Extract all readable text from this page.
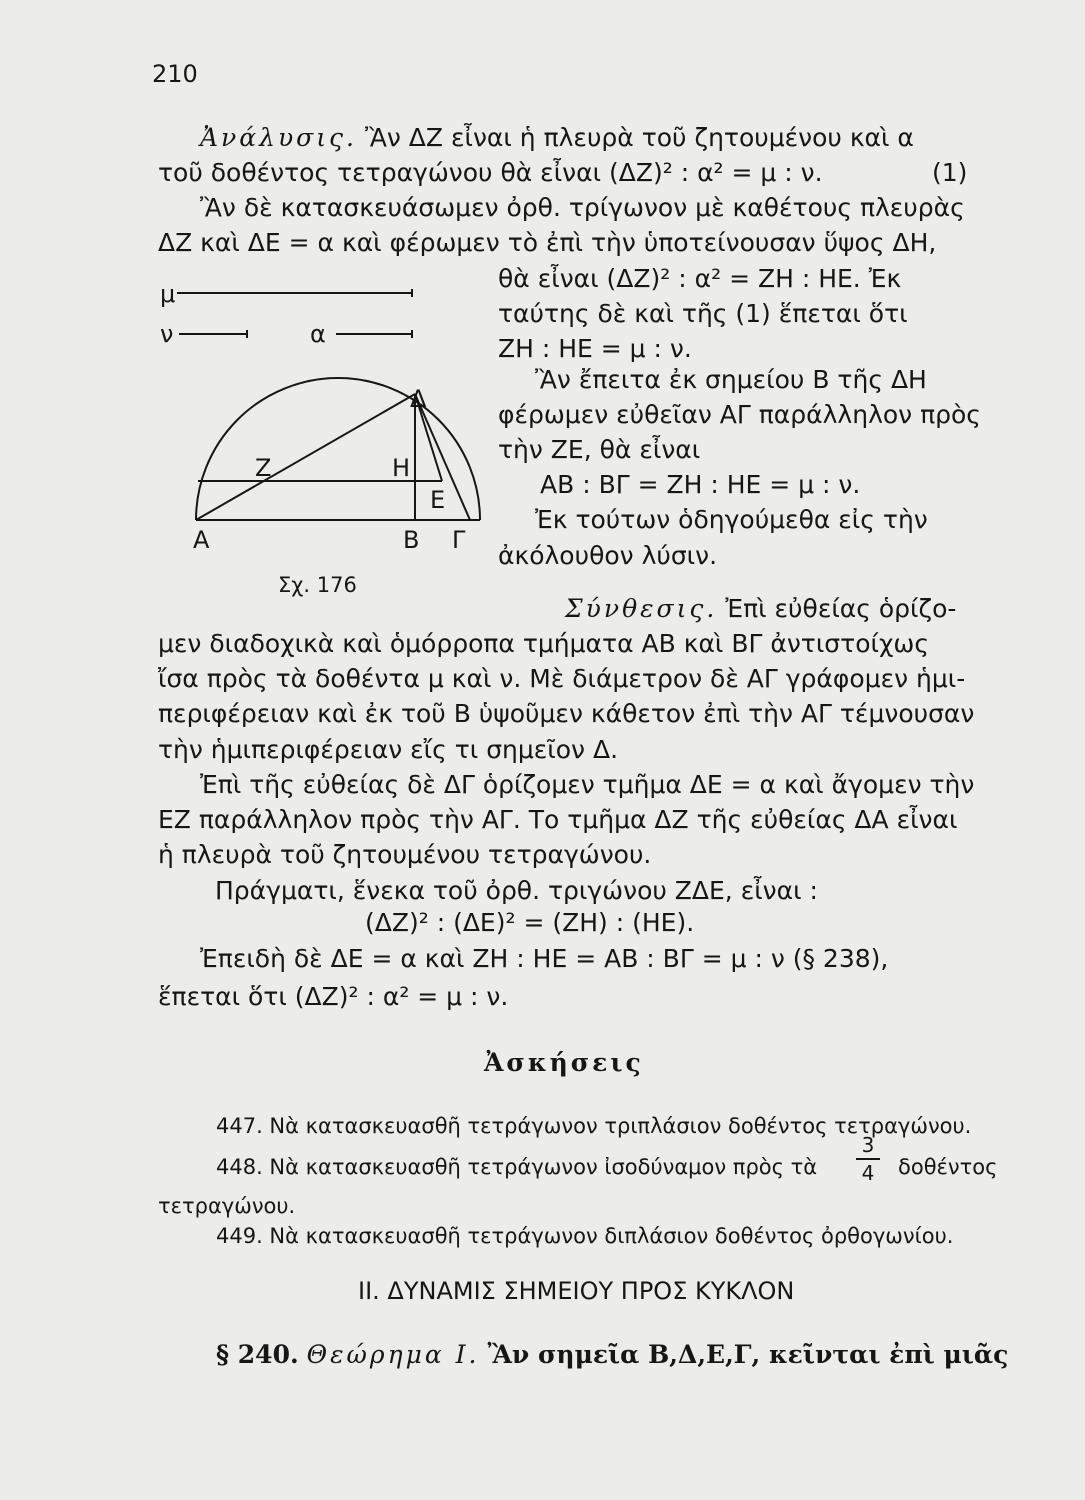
210
Ἀνάλυσις. Ἂν ΔΖ εἶναι ἡ πλευρὰ τοῦ ζητουμένου καὶ α
τοῦ δοθέντος τετραγώνου θὰ εἶναι (ΔΖ)² : α² = μ : ν.	(1)
Ἂν δὲ κατασκευάσωμεν ὀρθ. τρίγωνον μὲ καθέτους πλευρὰς
ΔΖ καὶ ΔΕ = α καὶ φέρωμεν τὸ ἐπὶ τὴν ὑποτείνουσαν ὕψος ΔΗ,
θὰ εἶναι (ΔΖ)² : α² = ΖΗ : ΗΕ. Ἐκ
ταύτης δὲ καὶ τῆς (1) ἕπεται ὅτι
ΖΗ : ΗΕ = μ : ν.
Ἂν ἔπειτα ἐκ σημείου Β τῆς ΔΗ
φέρωμεν εὐθεῖαν ΑΓ παράλληλον πρὸς
τὴν ΖΕ, θὰ εἶναι
ΑΒ : ΒΓ = ΖΗ : ΗΕ = μ : ν.
Ἐκ τούτων ὁδηγούμεθα εἰς τὴν
ἀκόλουθον λύσιν.
μ
ν	α
Α	Β Γ
Δ
Ε
Ζ	Η
Σχ. 176
Σύνθεσις. Ἐπὶ εὐθείας ὁρίζο-
μεν διαδοχικὰ καὶ ὁμόρροπα τμήματα ΑΒ καὶ ΒΓ ἀντιστοίχως
ἴσα πρὸς τὰ δοθέντα μ καὶ ν. Μὲ διάμετρον δὲ ΑΓ γράφομεν ἡμι-
περιφέρειαν καὶ ἐκ τοῦ Β ὑψοῦμεν κάθετον ἐπὶ τὴν ΑΓ τέμνουσαν
τὴν ἡμιπεριφέρειαν εἴς τι σημεῖον Δ.
Ἐπὶ τῆς εὐθείας δὲ ΔΓ ὁρίζομεν τμῆμα ΔΕ = α καὶ ἄγομεν τὴν
ΕΖ παράλληλον πρὸς τὴν ΑΓ. Το τμῆμα ΔΖ τῆς εὐθείας ΔΑ εἶναι
ἡ πλευρὰ τοῦ ζητουμένου τετραγώνου.
Πράγματι, ἕνεκα τοῦ ὀρθ. τριγώνου ΖΔΕ, εἶναι :
(ΔΖ)² : (ΔΕ)² = (ΖΗ) : (ΗΕ).
Ἐπειδὴ δὲ ΔΕ = α καὶ ΖΗ : ΗΕ = ΑΒ : ΒΓ = μ : ν (§ 238),
ἕπεται ὅτι (ΔΖ)² : α² = μ : ν.
Ἀσκήσεις
447. Νὰ κατασκευασθῆ τετράγωνον τριπλάσιον δοθέντος τετραγώνου.
448. Νὰ κατασκευασθῆ τετράγωνον ἰσοδύναμον πρὸς τὰ
3
4 δοθέντος
τετραγώνου.
449. Νὰ κατασκευασθῆ τετράγωνον διπλάσιον δοθέντος ὀρθογωνίου.
ΙΙ. ΔΥΝΑΜΙΣ ΣΗΜΕΙΟΥ ΠΡΟΣ ΚΥΚΛΟΝ
§ 240. Θεώρημα Ι. Ἂν σημεῖα Β,Δ,Ε,Γ, κεῖνται ἐπὶ μιᾶς
